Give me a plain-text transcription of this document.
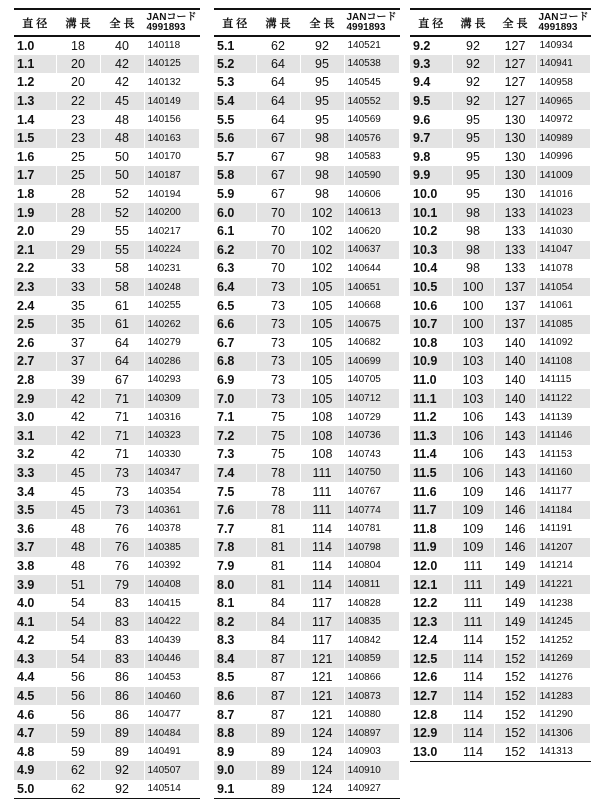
直 径	溝 長	全 長	JANコード
4991893
1.0	18	40	140118
1.1	20	42	140125
1.2	20	42	140132
1.3	22	45	140149
1.4	23	48	140156
1.5	23	48	140163
1.6	25	50	140170
1.7	25	50	140187
1.8	28	52	140194
1.9	28	52	140200
2.0	29	55	140217
2.1	29	55	140224
2.2	33	58	140231
2.3	33	58	140248
2.4	35	61	140255
2.5	35	61	140262
2.6	37	64	140279
2.7	37	64	140286
2.8	39	67	140293
2.9	42	71	140309
3.0	42	71	140316
3.1	42	71	140323
3.2	42	71	140330
3.3	45	73	140347
3.4	45	73	140354
3.5	45	73	140361
3.6	48	76	140378
3.7	48	76	140385
3.8	48	76	140392
3.9	51	79	140408
4.0	54	83	140415
4.1	54	83	140422
4.2	54	83	140439
4.3	54	83	140446
4.4	56	86	140453
4.5	56	86	140460
4.6	56	86	140477
4.7	59	89	140484
4.8	59	89	140491
4.9	62	92	140507
5.0	62	92	140514
直 径	溝 長	全 長	JANコード
4991893
5.1	62	92	140521
5.2	64	95	140538
5.3	64	95	140545
5.4	64	95	140552
5.5	64	95	140569
5.6	67	98	140576
5.7	67	98	140583
5.8	67	98	140590
5.9	67	98	140606
6.0	70	102	140613
6.1	70	102	140620
6.2	70	102	140637
6.3	70	102	140644
6.4	73	105	140651
6.5	73	105	140668
6.6	73	105	140675
6.7	73	105	140682
6.8	73	105	140699
6.9	73	105	140705
7.0	73	105	140712
7.1	75	108	140729
7.2	75	108	140736
7.3	75	108	140743
7.4	78	111	140750
7.5	78	111	140767
7.6	78	111	140774
7.7	81	114	140781
7.8	81	114	140798
7.9	81	114	140804
8.0	81	114	140811
8.1	84	117	140828
8.2	84	117	140835
8.3	84	117	140842
8.4	87	121	140859
8.5	87	121	140866
8.6	87	121	140873
8.7	87	121	140880
8.8	89	124	140897
8.9	89	124	140903
9.0	89	124	140910
9.1	89	124	140927
直 径	溝 長	全 長	JANコード
4991893
9.2	92	127	140934
9.3	92	127	140941
9.4	92	127	140958
9.5	92	127	140965
9.6	95	130	140972
9.7	95	130	140989
9.8	95	130	140996
9.9	95	130	141009
10.0	95	130	141016
10.1	98	133	141023
10.2	98	133	141030
10.3	98	133	141047
10.4	98	133	141078
10.5	100	137	141054
10.6	100	137	141061
10.7	100	137	141085
10.8	103	140	141092
10.9	103	140	141108
11.0	103	140	141115
11.1	103	140	141122
11.2	106	143	141139
11.3	106	143	141146
11.4	106	143	141153
11.5	106	143	141160
11.6	109	146	141177
11.7	109	146	141184
11.8	109	146	141191
11.9	109	146	141207
12.0	111	149	141214
12.1	111	149	141221
12.2	111	149	141238
12.3	111	149	141245
12.4	114	152	141252
12.5	114	152	141269
12.6	114	152	141276
12.7	114	152	141283
12.8	114	152	141290
12.9	114	152	141306
13.0	114	152	141313
